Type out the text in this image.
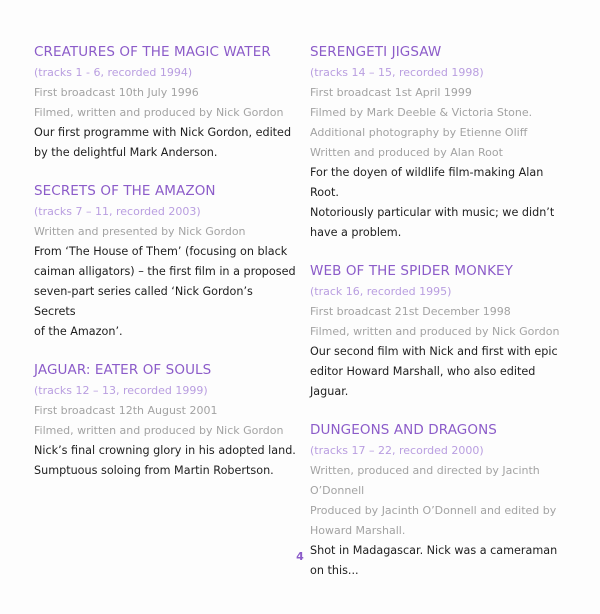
CREATURES OF THE MAGIC WATER
(tracks 1 - 6, recorded 1994)
First broadcast 10th July 1996
Filmed, written and produced by Nick Gordon
Our first programme with Nick Gordon, edited
by the delightful Mark Anderson.
SECRETS OF THE AMAZON
(tracks 7 – 11, recorded 2003)
Written and presented by Nick Gordon
From ‘The House of Them’ (focusing on black
caiman alligators) – the first film in a proposed
seven-part series called ‘Nick Gordon’s Secrets
of the Amazon’.
JAGUAR: EATER OF SOULS
(tracks 12 – 13, recorded 1999)
First broadcast 12th August 2001
Filmed, written and produced by Nick Gordon
Nick’s final crowning glory in his adopted land.
Sumptuous soloing from Martin Robertson.
SERENGETI JIGSAW
(tracks 14 – 15, recorded 1998)
First broadcast 1st April 1999
Filmed by Mark Deeble & Victoria Stone.
Additional photography by Etienne Oliff
Written and produced by Alan Root
For the doyen of wildlife film-making Alan Root.
Notoriously particular with music; we didn’t
have a problem.
WEB OF THE SPIDER MONKEY
(track 16, recorded 1995)
First broadcast 21st December 1998
Filmed, written and produced by Nick Gordon
Our second film with Nick and first with epic
editor Howard Marshall, who also edited
Jaguar.
DUNGEONS AND DRAGONS
(tracks 17 – 22, recorded 2000)
Written, produced and directed by Jacinth
O’Donnell
Produced by Jacinth O’Donnell and edited by
Howard Marshall.
Shot in Madagascar. Nick was a cameraman
on this...
4
